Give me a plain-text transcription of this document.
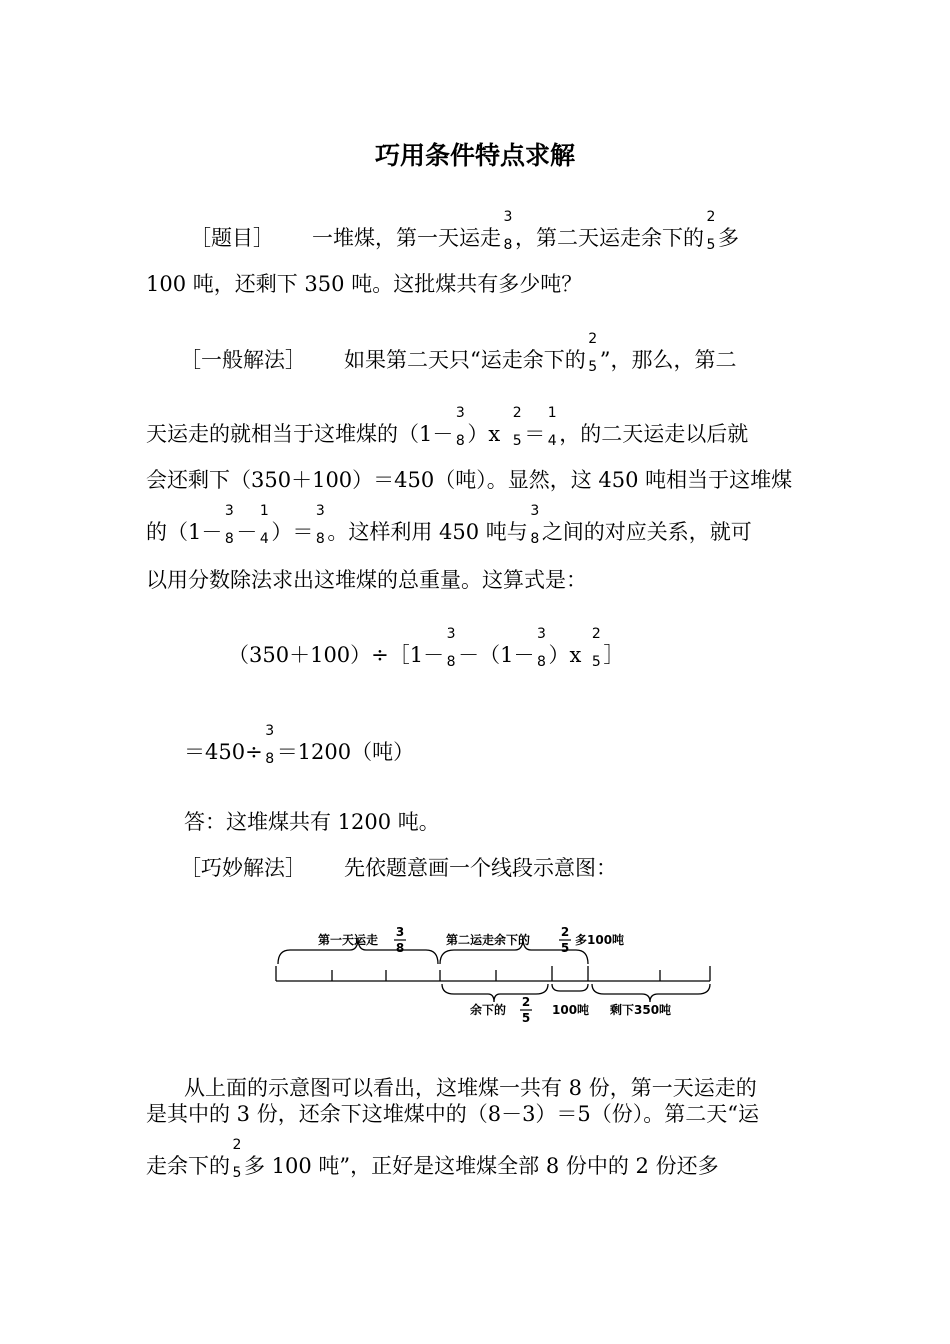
巧用条件特点求解
［题目］ 一堆煤，第一天运走
3
8 ，第二天运走余下的
2
5 多
100 吨，还剩下 350 吨。这批煤共有多少吨？
［一般解法］ 如果第二天只“运走余下的
2
5 ”，那么，第二
天运走的就相当于这堆煤的（1－
3
8 ）x
2
5 ＝
1
4 ，的二天运走以后就
会还剩下（350＋100）＝450（吨）。显然，这 450 吨相当于这堆煤
的（1－
3
8 －
1
4 ）＝
3
8 。这样利用 450 吨与
3
8 之间的对应关系，就可
以用分数除法求出这堆煤的总重量。这算式是：
（350＋100）÷［1－
3
8 －（1－
3
8 ）x
2
5 ］
＝450÷
3
8 ＝1200（吨）
答：这堆煤共有 1200 吨。
［巧妙解法］ 先依题意画一个线段示意图：
第一天运走
3
8
第二运走余下的
2
5
多100吨
余下的
2
5
100吨 剩下350吨
从上面的示意图可以看出，这堆煤一共有 8 份，第一天运走的
是其中的 3 份，还余下这堆煤中的（8－3）＝5（份）。第二天“运
走余下的
2
5 多 100 吨”，正好是这堆煤全部 8 份中的 2 份还多
